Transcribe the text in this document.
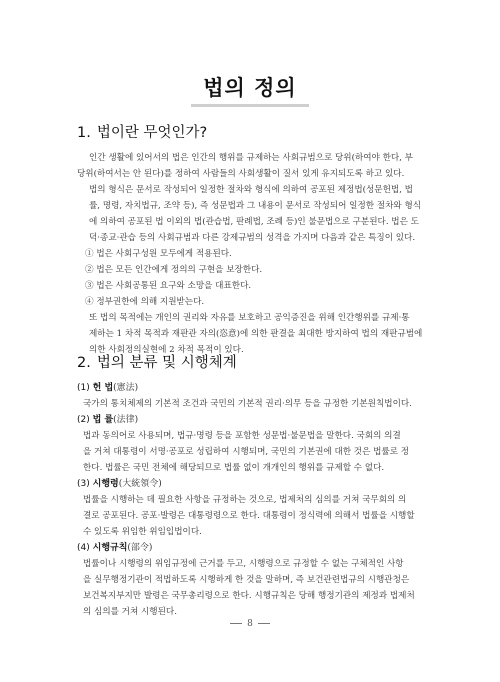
법의 정의
1. 법이란 무엇인가?

인간 생활에 있어서의 법은 인간의 행위를 규제하는 사회규범으로 당위(하여야 한다, 부
당위(하여서는 안 된다)를 정하여 사람들의 사회생활이 질서 있게 유지되도록 하고 있다.

법의 형식은 문서로 작성되어 일정한 절차와 형식에 의하여 공포된 제정법(성문헌법, 법
률, 명령, 자치법규, 조약 등), 즉 성문법과 그 내용이 문서로 작성되어 일정한 절차와 형식
에 의하여 공포된 법 이외의 법(관습법, 판례법, 조례 등)인 불문법으로 구분된다. 법은 도
덕·종교·관습 등의 사회규범과 다른 강제규범의 성격을 가지며 다음과 같은 특징이 있다.

① 법은 사회구성원 모두에게 적용된다.
② 법은 모든 인간에게 정의의 구현을 보장한다.
③ 법은 사회공통된 요구와 소망을 대표한다.
④ 정부권한에 의해 지원받는다.

또 법의 목적에는 개인의 권리와 자유를 보호하고 공익증진을 위해 인간행위를 규제·통
제하는 1 차적 목적과 재판관 자의(恣意)에 의한 판결을 최대한 방지하여 법의 재판규범에
의한 사회정의실현에 2 차적 목적이 있다.

2. 법의 분류 및 시행체계

(1) 헌 법(憲法)

국가의 통치체제의 기본적 조건과 국민의 기본적 권리·의무 등을 규정한 기본원칙법이다.

(2) 법 률(法律)

법과 동의어로 사용되며, 법규·명령 등을 포함한 성문법·불문법을 말한다. 국회의 의결
을 거쳐 대통령이 서명·공포로 성립하여 시행되며, 국민의 기본권에 대한 것은 법률로 정
한다. 법률은 국민 전체에 해당되므로 법률 없이 개개인의 행위를 규제할 수 없다.

(3) 시행령(大統領令)

법률을 시행하는 데 필요한 사항을 규정하는 것으로, 법제처의 심의를 거쳐 국무회의 의
결로 공포된다. 공포·발령은 대통령령으로 한다. 대통령이 정식력에 의해서 법률을 시행할
수 있도록 위임한 위임입법이다.

(4) 시행규칙(部令)

법률이나 시행령의 위임규정에 근거를 두고, 시행령으로 규정할 수 없는 구체적인 사항
을 실무행정기관이 적법하도록 시행하게 한 것을 말하며, 즉 보건관련법규의 시행관청은
보건복지부지만 발령은 국무총리령으로 한다. 시행규칙은 당해 행정기관의 제정과 법제처
의 심의를 거쳐 시행된다.

8
